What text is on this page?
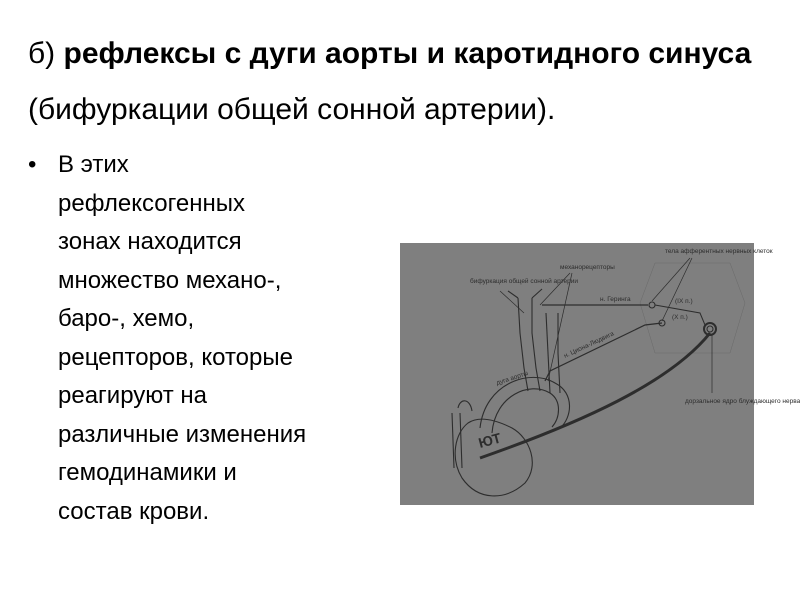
б) рефлексы с дуги аорты и каротидного синуса (бифуркации общей сонной артерии).
• В этих
рефлексогенных
зонах находится
множество механо-,
баро-, хемо,
рецепторов, которые
реагируют на
различные изменения
гемодинамики и
состав крови.
бифуркация общей сонной артерии
механорецепторы
тела афферентных нервных клеток
н. Геринга
н. Циона-Людвига
дуга аорты
(IX п.)
(X п.)
дорзальное ядро блуждающего нерва
ЮТ
